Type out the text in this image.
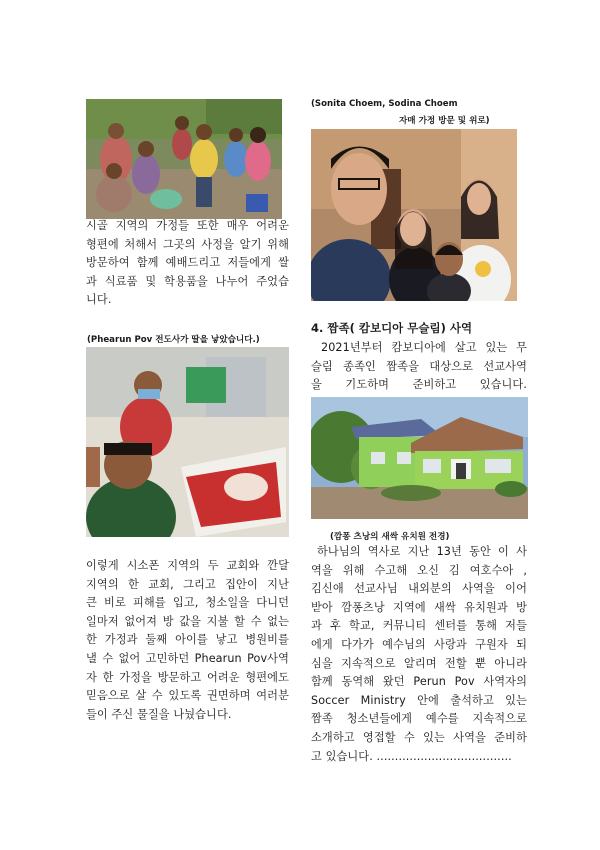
시골 지역의 가정들 또한 매우 어려운
형편에 처해서 그곳의 사정을 알기 위해
방문하여 함께 예배드리고 저들에게 쌀
과 식료품 및 학용품을 나누어 주었습
니다.
(Phearun Pov 전도사가 딸을 낳았습니다.)
이렇게 시소폰 지역의 두 교회와 깐달
지역의 한 교회, 그리고 집안이 지난
큰 비로 피해를 입고, 청소일을 다니던
일마저 없어져 방 값을 지불 할 수 없는
한 가정과 둘째 아이를 낳고 병원비를
낼 수 없어 고민하던 Phearun Pov사역
자 한 가정을 방문하고 어려운 형편에도
믿음으로 살 수 있도록 권면하며 여러분
들이 주신 물질을 나눴습니다.
(Sonita Choem, Sodina Choem
자매 가정 방문 및 위로)
4. 짬족( 캄보디아 무슬림) 사역
2021년부터 캄보디아에 살고 있는 무
슬림 종족인 짬족을 대상으로 선교사역
을 기도하며 준비하고 있습니다.
(깜퐁 츠낭의 새싹 유치원 전경)
하나님의 역사로 지난 13년 동안 이 사
역을 위해 수고해 오신 김 여호수아 ,
김신애 선교사님 내외분의 사역을 이어
받아 깜퐁츠낭 지역에 새싹 유치원과 방
과 후 학교, 커뮤니티 센터를 통해 저들
에게 다가가 예수님의 사랑과 구원자 되
심을 지속적으로 알리며 전할 뿐 아니라
함께 동역해 왔던 Perun Pov 사역자의
Soccer Ministry 안에 출석하고 있는
짬족 청소년들에게 예수를 지속적으로
소개하고 영접할 수 있는 사역을 준비하
고 있습니다. .....................................
